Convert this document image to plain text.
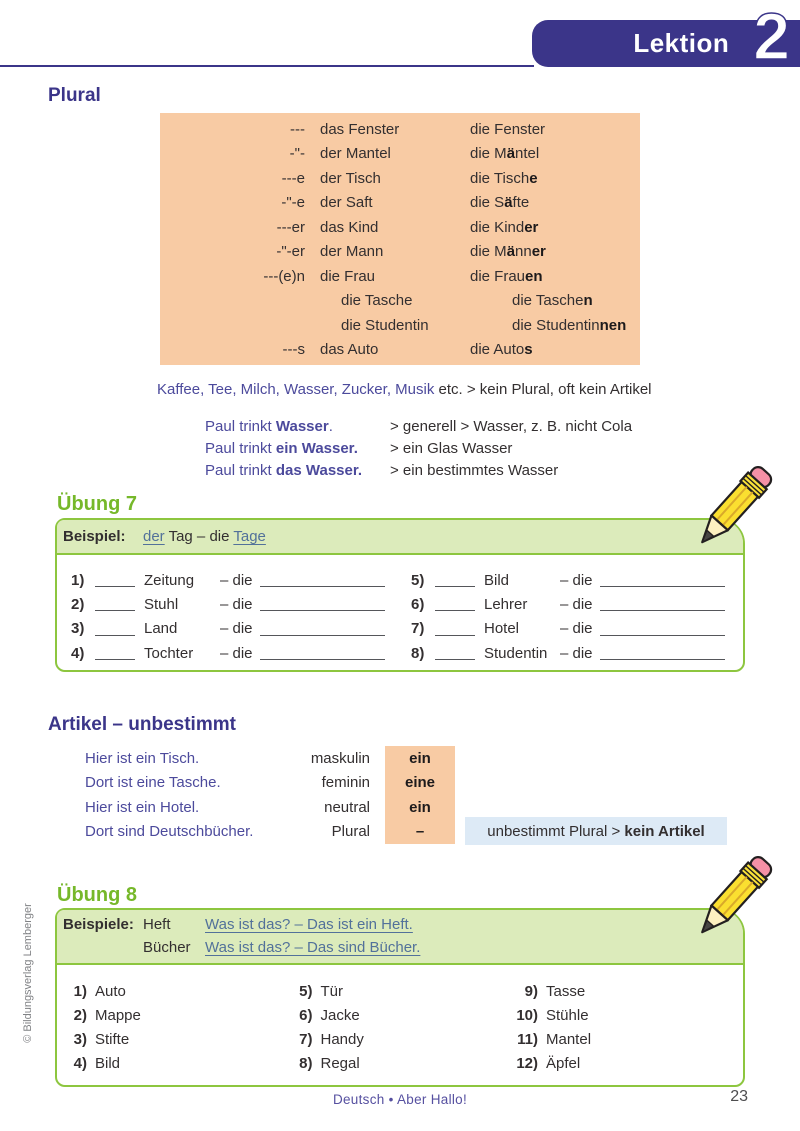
Lektion 2
Plural
--- das Fenster	die Fenster
-"- der Mantel	die Mäntel
---e der Tisch	die Tische
-"-e der Saft	die Säfte
---er das Kind	die Kinder
-"-er der Mann	die Männer
---(e)n die Frau	die Frauen
die Tasche	die Taschen
die Studentin	die Studentinnen
---s das Auto	die Autos
Kaffee, Tee, Milch, Wasser, Zucker, Musik etc. > kein Plural, oft kein Artikel
Paul trinkt Wasser.	> generell > Wasser, z. B. nicht Cola
Paul trinkt ein Wasser.	> ein Glas Wasser
Paul trinkt das Wasser.	> ein bestimmtes Wasser
Übung 7
Beispiel:	der Tag – die Tage
1)	Zeitung	– die
2)	Stuhl	– die
3)	Land	– die
4)	Tochter	– die
5)	Bild	– die
6)	Lehrer	– die
7)	Hotel	– die
8)	Studentin – die
Artikel – unbestimmt
Hier ist ein Tisch.	maskulin	ein
Dort ist eine Tasche.	feminin	eine
Hier ist ein Hotel.	neutral	ein
Dort sind Deutschbücher.	Plural	–	unbestimmt Plural > kein Artikel
Übung 8
Beispiele: Heft	Was ist das? – Das ist ein Heft.
Bücher Was ist das? – Das sind Bücher.
1) Auto
2) Mappe
3) Stifte
4) Bild
5) Tür
6) Jacke
7) Handy
8) Regal
9) Tasse
10) Stühle
11) Mantel
12) Äpfel
© Bildungsverlag Lemberger
Deutsch • Aber Hallo!	23
